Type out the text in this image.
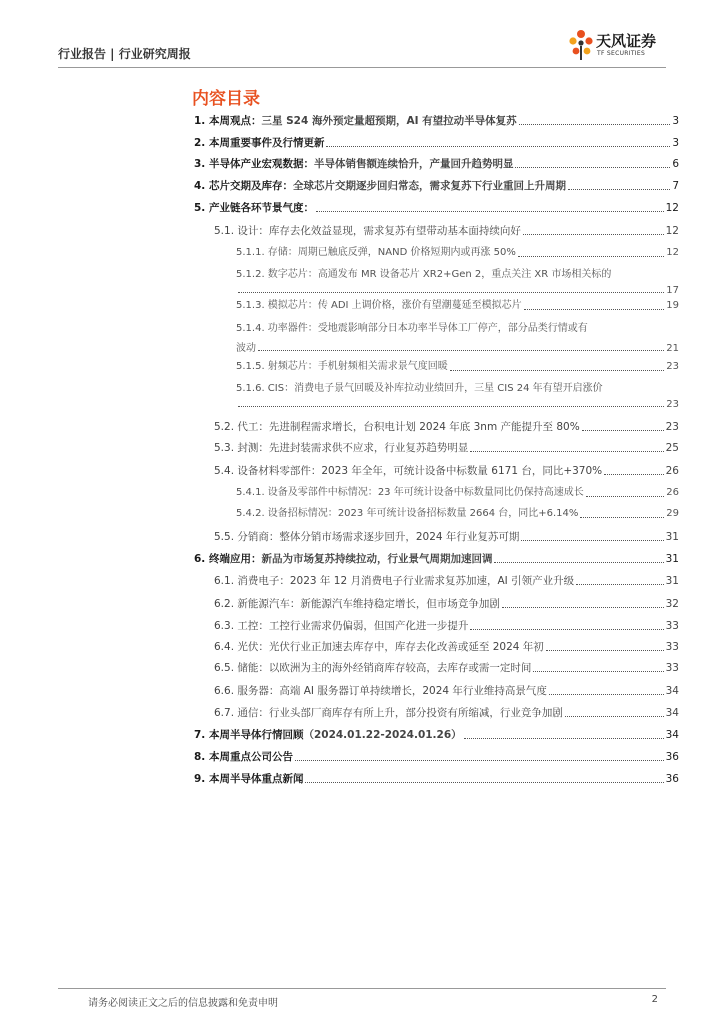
行业报告 | 行业研究周报
天风证券
TF SECURITIES
内容目录
1. 本周观点：三星 S24 海外预定量超预期，AI 有望拉动半导体复苏	3
2. 本周重要事件及行情更新	3
3. 半导体产业宏观数据：半导体销售额连续恰升，产量回升趋势明显	6
4. 芯片交期及库存：全球芯片交期逐步回归常态，需求复苏下行业重回上升周期	7
5. 产业链各环节景气度：	12
5.1. 设计：库存去化效益显现，需求复苏有望带动基本面持续向好	12
5.1.1. 存储：周期已触底反弹，NAND 价格短期内或再涨 50%	12
5.1.2. 数字芯片：高通发布 MR 设备芯片 XR2+Gen 2，重点关注 XR 市场相关标的
17
5.1.3. 模拟芯片：传 ADI 上调价格，涨价有望潮蔓延至模拟芯片	19
5.1.4. 功率器件：受地震影响部分日本功率半导体工厂停产，部分品类行情或有
波动	21
5.1.5. 射频芯片：手机射频相关需求景气度回暖	23
5.1.6. CIS：消费电子景气回暖及补库拉动业绩回升，三星 CIS 24 年有望开启涨价
23
5.2. 代工：先进制程需求增长，台积电计划 2024 年底 3nm 产能提升至 80%	23
5.3. 封测：先进封装需求供不应求，行业复苏趋势明显	25
5.4. 设备材料零部件：2023 年全年，可统计设备中标数量 6171 台，同比+370%	26
5.4.1. 设备及零部件中标情况：23 年可统计设备中标数量同比仍保持高速成长	26
5.4.2. 设备招标情况：2023 年可统计设备招标数量 2664 台，同比+6.14%	29
5.5. 分销商：整体分销市场需求逐步回升，2024 年行业复苏可期	31
6. 终端应用：新品为市场复苏持续拉动，行业景气周期加速回调	31
6.1. 消费电子：2023 年 12 月消费电子行业需求复苏加速，AI 引领产业升级	31
6.2. 新能源汽车：新能源汽车维持稳定增长，但市场竞争加剧	32
6.3. 工控：工控行业需求仍偏弱，但国产化进一步提升	33
6.4. 光伏：光伏行业正加速去库存中，库存去化改善或延至 2024 年初	33
6.5. 储能：以欧洲为主的海外经销商库存较高，去库存或需一定时间	33
6.6. 服务器：高端 AI 服务器订单持续增长，2024 年行业维持高景气度	34
6.7. 通信：行业头部厂商库存有所上升，部分投资有所缩减，行业竞争加剧	34
7. 本周半导体行情回顾（2024.01.22-2024.01.26）	34
8. 本周重点公司公告	36
9. 本周半导体重点新闻	36
请务必阅读正文之后的信息披露和免责申明	2
